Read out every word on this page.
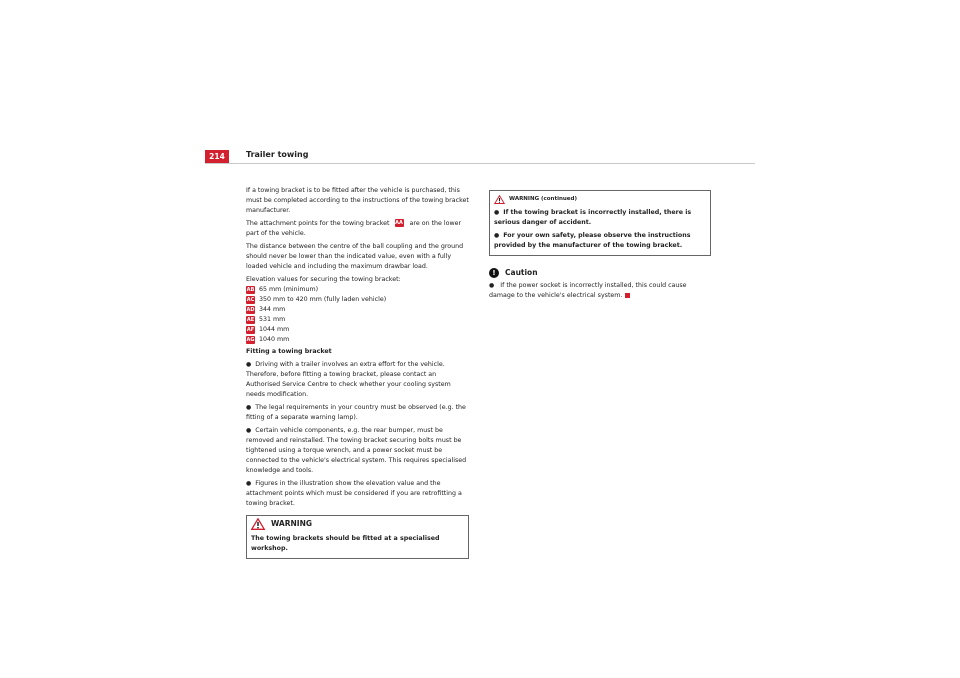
214	Trailer towing

If a towing bracket is to be fitted after the vehicle is purchased, this must be completed according to the instructions of the towing bracket manufacturer.

The attachment points for the towing bracket AA are on the lower part of the vehicle.

The distance between the centre of the ball coupling and the ground should never be lower than the indicated value, even with a fully loaded vehicle and including the maximum drawbar load.

Elevation values for securing the towing bracket:

AB 65 mm (minimum)
AC 350 mm to 420 mm (fully laden vehicle)
AD 344 mm
AE 531 mm
AF 1044 mm
AG 1040 mm

Fitting a towing bracket

● Driving with a trailer involves an extra effort for the vehicle. Therefore, before fitting a towing bracket, please contact an Authorised Service Centre to check whether your cooling system needs modification.

● The legal requirements in your country must be observed (e.g. the fitting of a separate warning lamp).

● Certain vehicle components, e.g. the rear bumper, must be removed and reinstalled. The towing bracket securing bolts must be tightened using a torque wrench, and a power socket must be connected to the vehicle's electrical system. This requires specialised knowledge and tools.

● Figures in the illustration show the elevation value and the attachment points which must be considered if you are retrofitting a towing bracket.

WARNING
The towing brackets should be fitted at a specialised workshop.
WARNING (continued)

● If the towing bracket is incorrectly installed, there is serious danger of accident.

● For your own safety, please observe the instructions provided by the manufacturer of the towing bracket.

!	Caution

● If the power socket is incorrectly installed, this could cause damage to the vehicle's electrical system.
